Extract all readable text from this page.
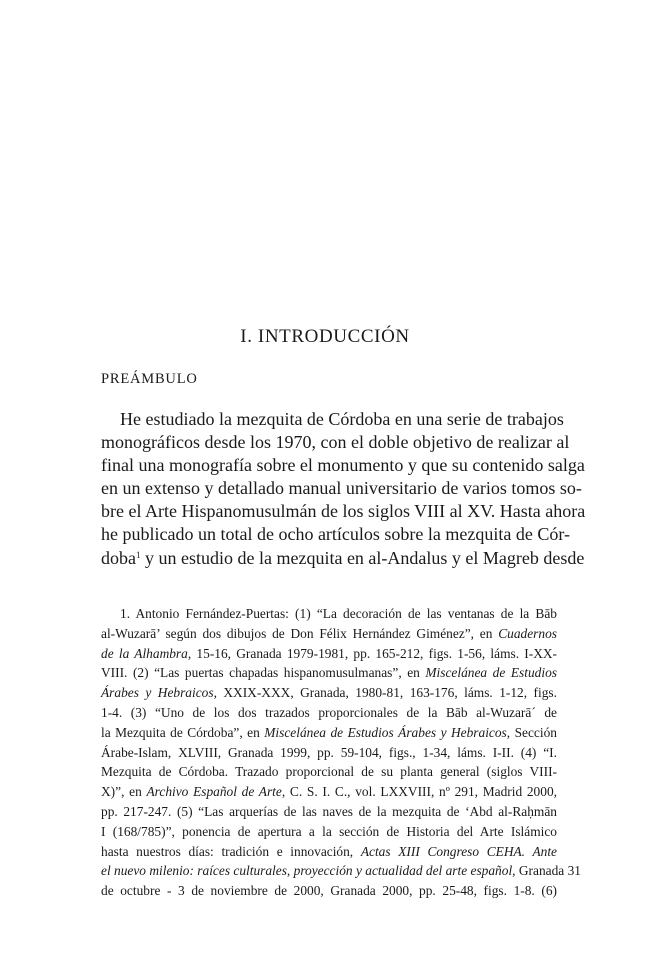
I. INTRODUCCIÓN
PREÁMBULO
He estudiado la mezquita de Córdoba en una serie de trabajos
monográficos desde los 1970, con el doble objetivo de realizar al
final una monografía sobre el monumento y que su contenido salga
en un extenso y detallado manual universitario de varios tomos so-
bre el Arte Hispanomusulmán de los siglos VIII al XV. Hasta ahora
he publicado un total de ocho artículos sobre la mezquita de Cór-
doba$^1$ y un estudio de la mezquita en al-Andalus y el Magreb desde
1. Antonio Fernández-Puertas: (1) “La decoración de las ventanas de la Bāb
al-Wuzarā’ según dos dibujos de Don Félix Hernández Giménez”, en Cuadernos
de la Alhambra, 15-16, Granada 1979-1981, pp. 165-212, figs. 1-56, láms. I-XX-
VIII. (2) “Las puertas chapadas hispanomusulmanas”, en Miscelánea de Estudios
Árabes y Hebraicos, XXIX-XXX, Granada, 1980-81, 163-176, láms. 1-12, figs.
1-4. (3) “Uno de los dos trazados proporcionales de la Bāb al-Wuzarā´ de
la Mezquita de Córdoba”, en Miscelánea de Estudios Árabes y Hebraicos, Sección
Árabe-Islam, XLVIII, Granada 1999, pp. 59-104, figs., 1-34, láms. I-II. (4) “I.
Mezquita de Córdoba. Trazado proporcional de su planta general (siglos VIII-
X)”, en Archivo Español de Arte, C. S. I. C., vol. LXXVIII, nº 291, Madrid 2000,
pp. 217-247. (5) “Las arquerías de las naves de la mezquita de ‘Abd al-Raḥmān
I (168/785)”, ponencia de apertura a la sección de Historia del Arte Islámico
hasta nuestros días: tradición e innovación, Actas XIII Congreso CEHA. Ante
el nuevo milenio: raíces culturales, proyección y actualidad del arte español, Granada 31
de octubre - 3 de noviembre de 2000, Granada 2000, pp. 25-48, figs. 1-8. (6)
